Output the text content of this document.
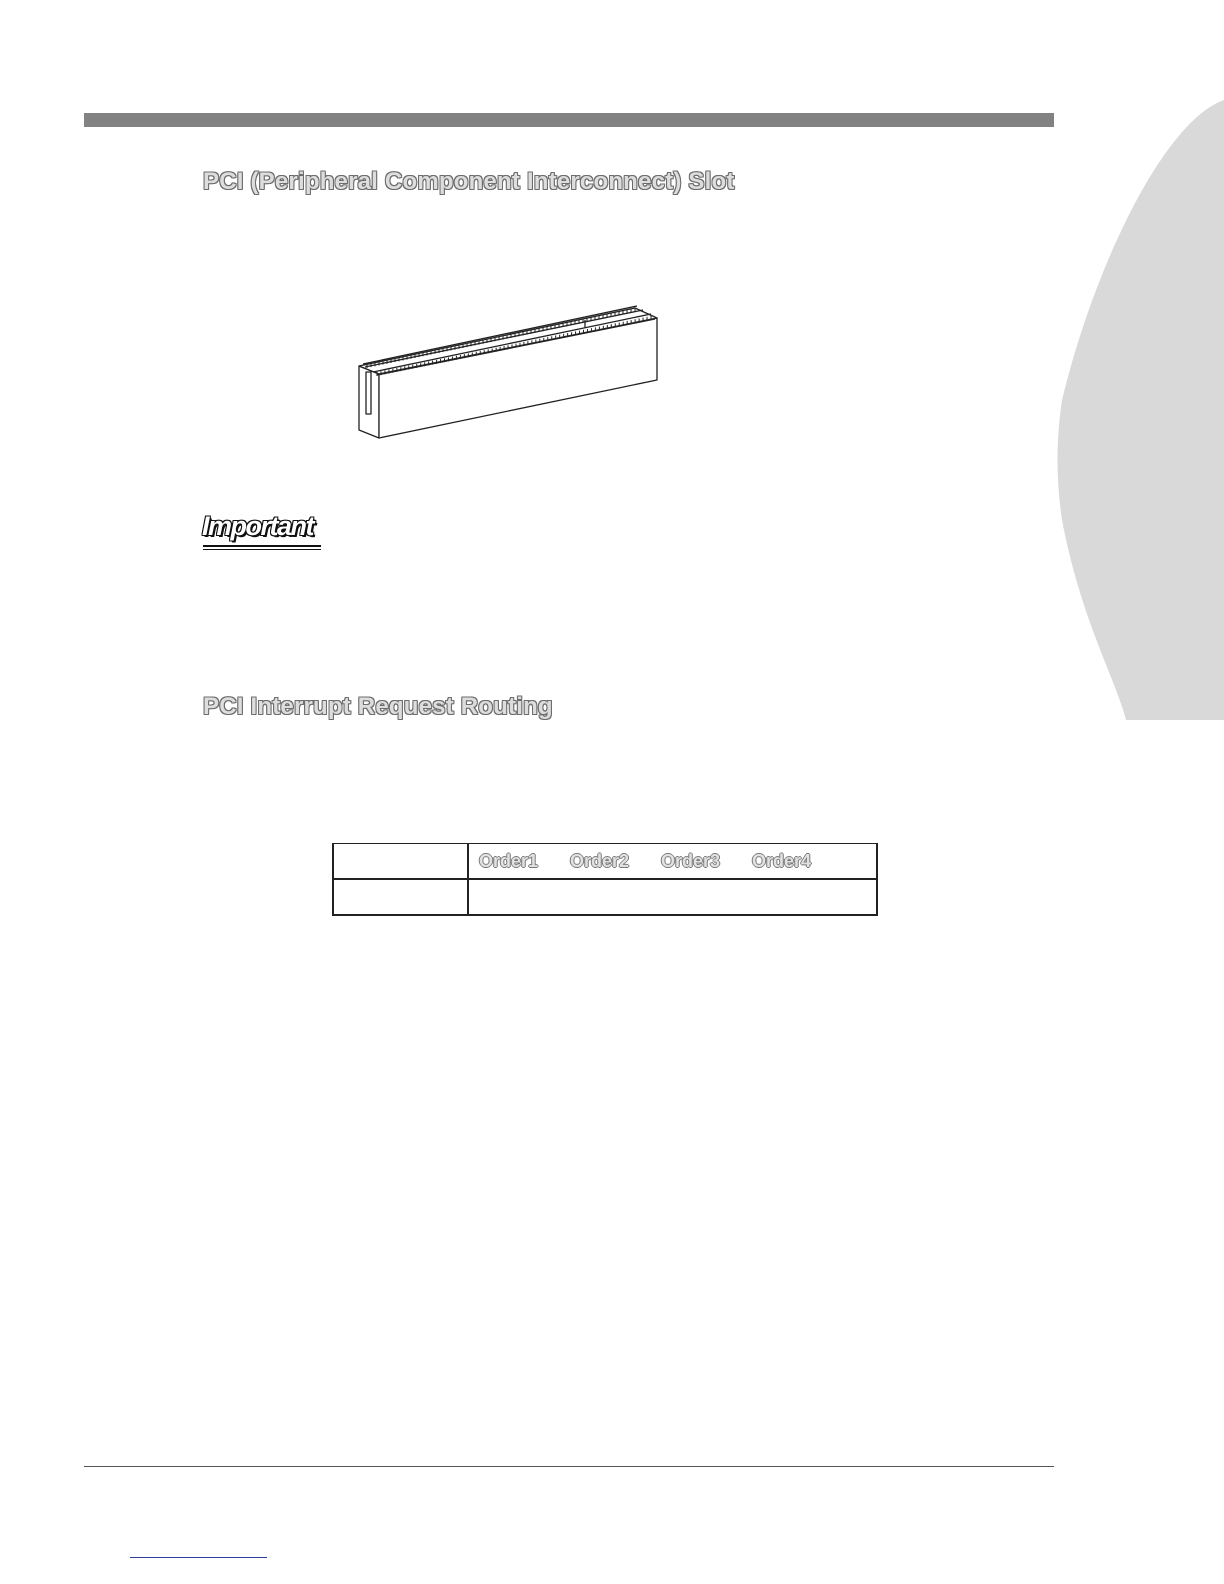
PCI (Peripheral Component Interconnect) Slot
Important
PCI Interrupt Request Routing
	Order1 Order2 Order3 Order4
